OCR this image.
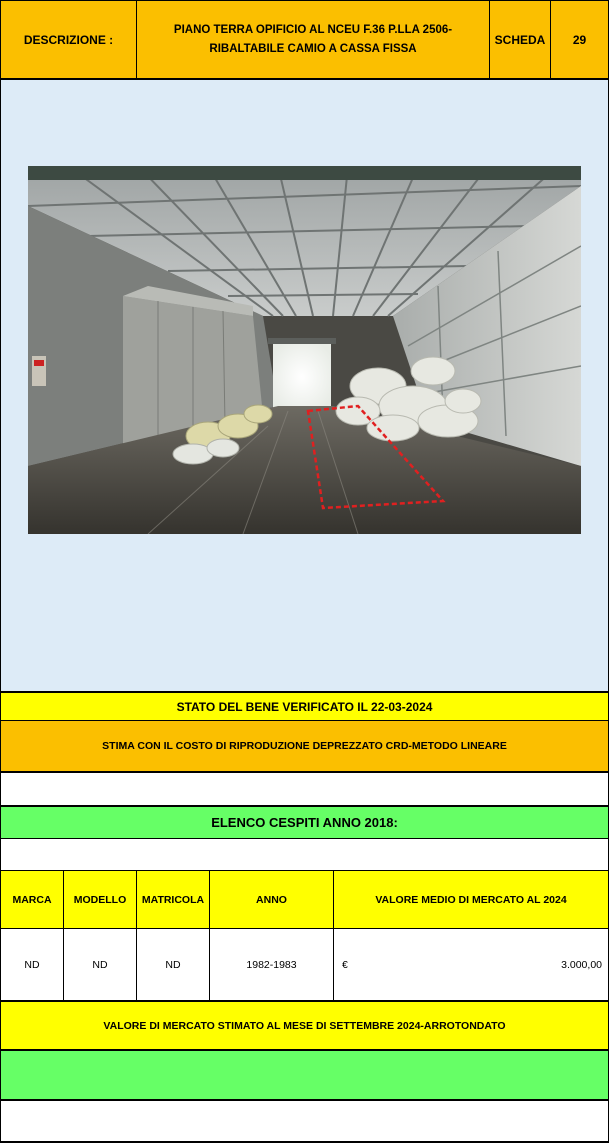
DESCRIZIONE :
PIANO TERRA OPIFICIO AL NCEU F.36 P.LLA 2506-
RIBALTABILE CAMIO A CASSA FISSA
SCHEDA	29
STATO DEL BENE VERIFICATO IL 22-03-2024
STIMA CON IL COSTO DI RIPRODUZIONE DEPREZZATO CRD-METODO LINEARE
ELENCO CESPITI ANNO 2018:
MARCA	MODELLO	MATRICOLA	ANNO	VALORE MEDIO DI MERCATO AL 2024
ND	ND	ND	1982-1983	€	3.000,00
VALORE DI MERCATO STIMATO AL MESE DI SETTEMBRE 2024-ARROTONDATO
